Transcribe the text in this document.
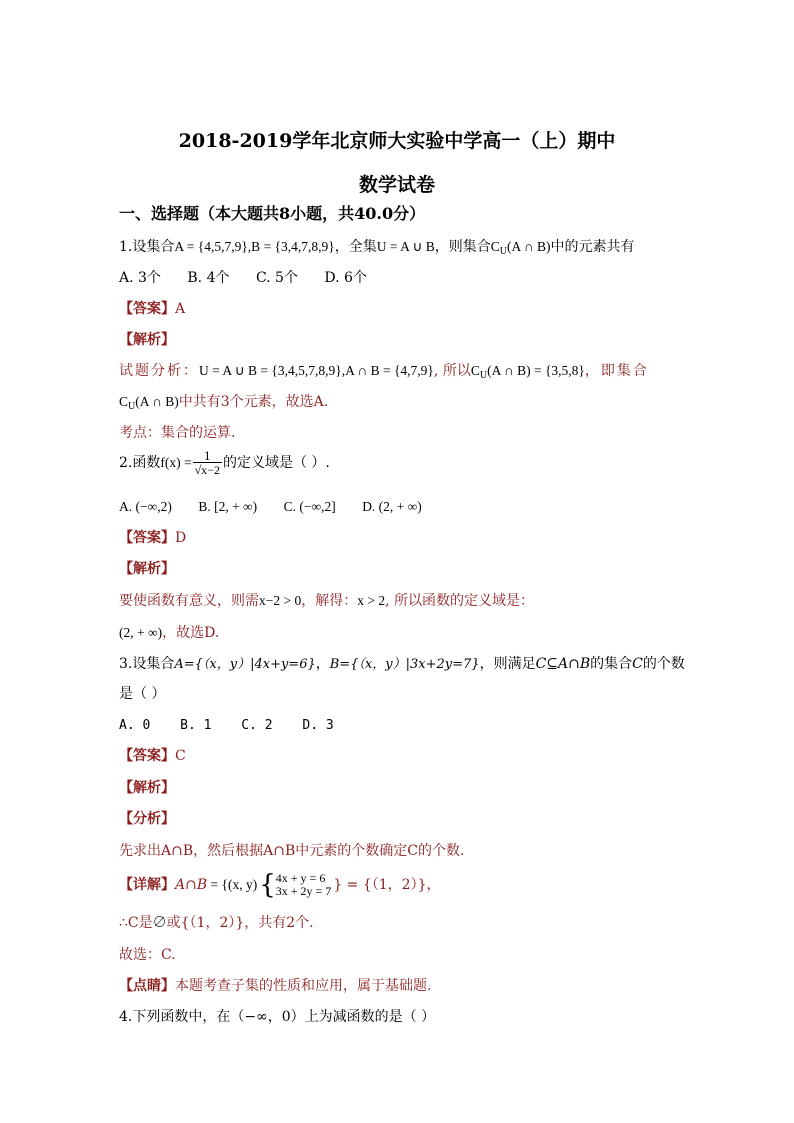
2018-2019学年北京师大实验中学高一（上）期中
数学试卷
一、选择题（本大题共8小题，共40.0分）
1.设集合A = {4,5,7,9},B = {3,4,7,8,9}，全集U = A ∪ B，则集合$C_U(A$ ∩ B)中的元素共有
A. 3个 B. 4个 C. 5个 D. 6个
【答案】A
【解析】
试题分析：U = A ∪ B = {3,4,5,7,8,9},A ∩ B = {4,7,9}, 所以$C_U(A$ ∩ B) = {3,5,8}，即集合
$C_U(A$ ∩ B)中共有3个元素，故选A.
考点：集合的运算.
2.函数$f(x) = \frac{1}{√x-2}$ 的定义域是（ ）.
A. (−∞,2) B. [2, + ∞) C. (−∞,2] D. (2, + ∞)
【答案】D
【解析】
要使函数有意义，则需x−2 > 0，解得：x > 2, 所以函数的定义域是：
(2, + ∞)，故选D.
3.设集合A={（x，y）|4x+y=6}，B={（x，y）|3x+2y=7}，则满足C⊆A∩B的集合C的个数
是（ ）
A. 0 B. 1 C. 2 D. 3
【答案】C
【解析】
【分析】
先求出A∩B，然后根据A∩B中元素的个数确定C的个数.
【详解】A∩B = {(x, y){ 4x + y = 6
3x + 2y = 7 } = {（1，2）}，
∴C是∅或{（1，2）}，共有2个.
故选：C.
【点睛】本题考查子集的性质和应用，属于基础题.
4.下列函数中，在（−∞，0）上为减函数的是（ ）
